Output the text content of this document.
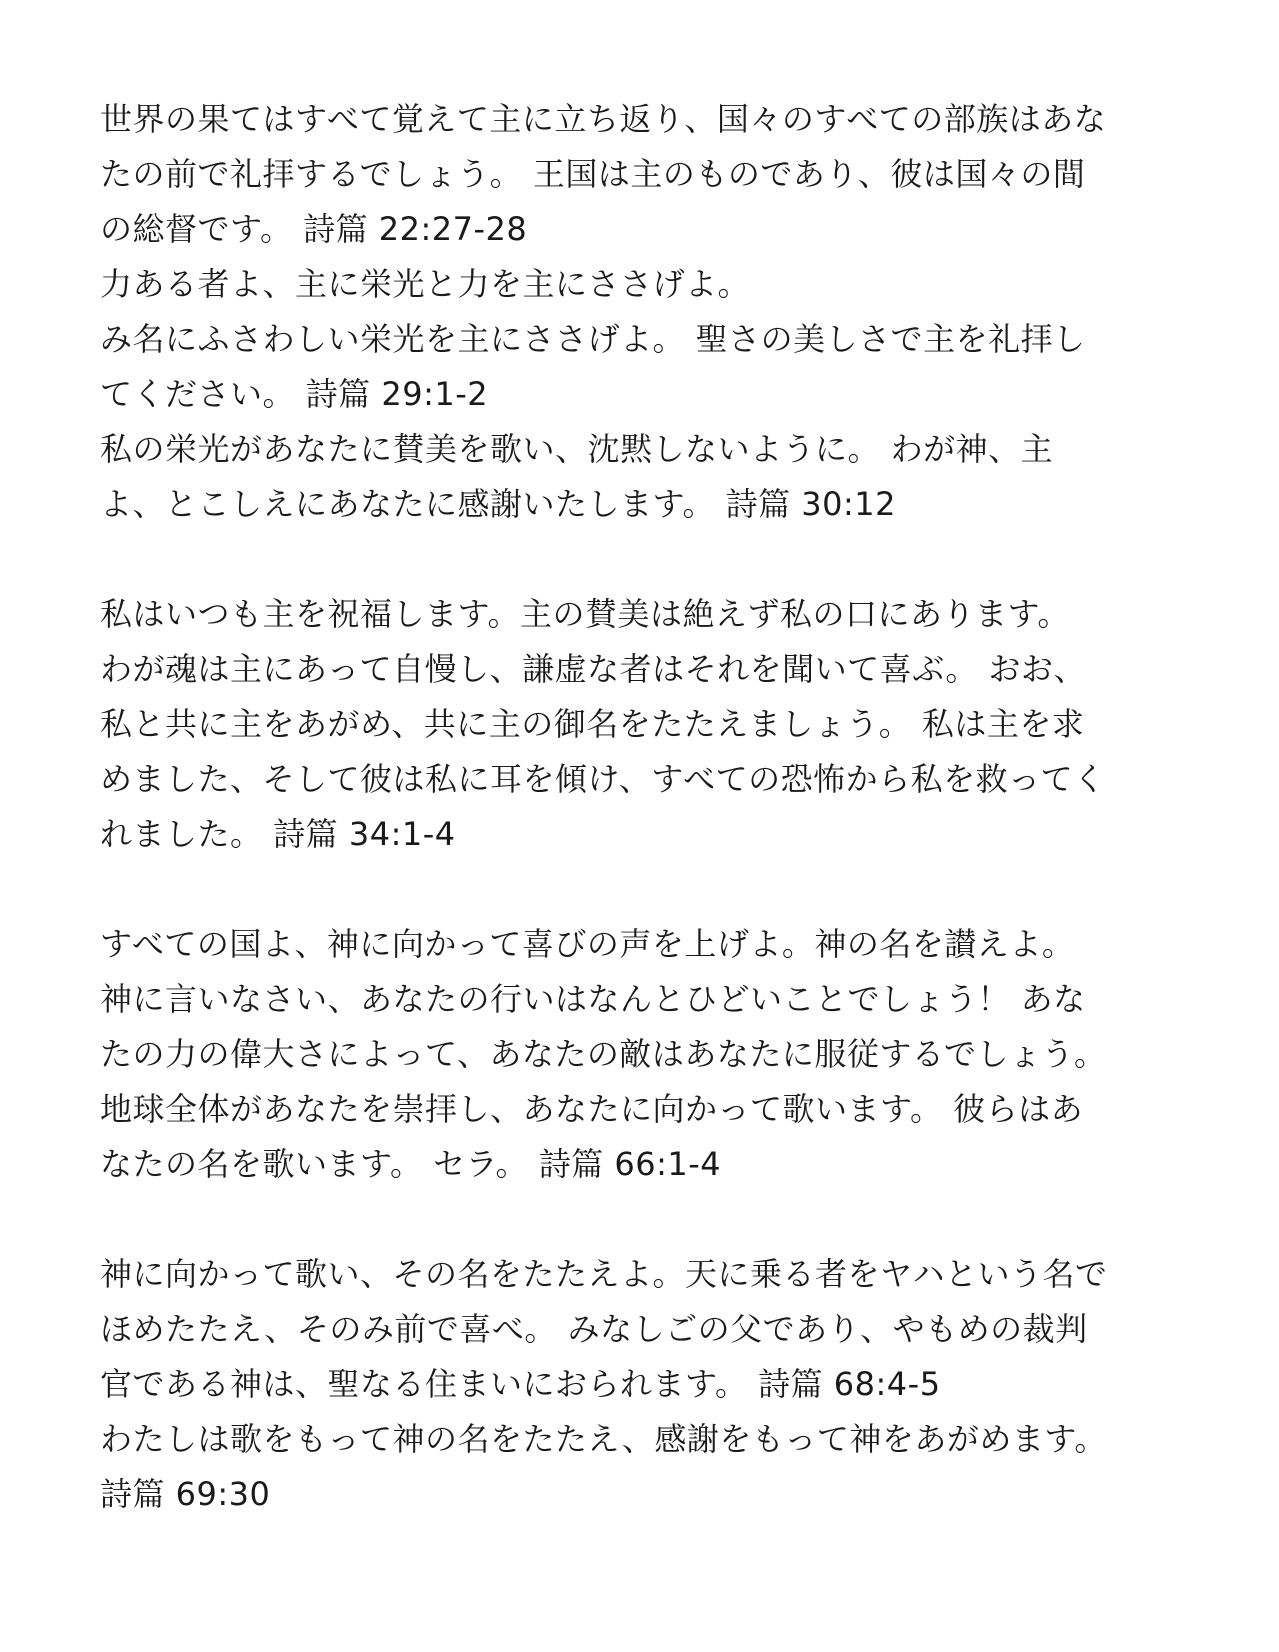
世界の果てはすべて覚えて主に立ち返り、国々のすべての部族はあな
たの前で礼拝するでしょう。 王国は主のものであり、彼は国々の間
の総督です。 詩篇 22:27-28
力ある者よ、主に栄光と力を主にささげよ。
み名にふさわしい栄光を主にささげよ。 聖さの美しさで主を礼拝し
てください。 詩篇 29:1-2
私の栄光があなたに賛美を歌い、沈黙しないように。 わが神、主
よ、とこしえにあなたに感謝いたします。 詩篇 30:12
私はいつも主を祝福します。主の賛美は絶えず私の口にあります。
わが魂は主にあって自慢し、謙虚な者はそれを聞いて喜ぶ。 おお、
私と共に主をあがめ、共に主の御名をたたえましょう。 私は主を求
めました、そして彼は私に耳を傾け、すべての恐怖から私を救ってく
れました。 詩篇 34:1-4
すべての国よ、神に向かって喜びの声を上げよ。神の名を讃えよ。
神に言いなさい、あなたの行いはなんとひどいことでしょう！ あな
たの力の偉大さによって、あなたの敵はあなたに服従するでしょう。
地球全体があなたを崇拝し、あなたに向かって歌います。 彼らはあ
なたの名を歌います。 セラ。 詩篇 66:1-4
神に向かって歌い、その名をたたえよ。天に乗る者をヤハという名で
ほめたたえ、そのみ前で喜べ。 みなしごの父であり、やもめの裁判
官である神は、聖なる住まいにおられます。 詩篇 68:4-5
わたしは歌をもって神の名をたたえ、感謝をもって神をあがめます。
詩篇 69:30
